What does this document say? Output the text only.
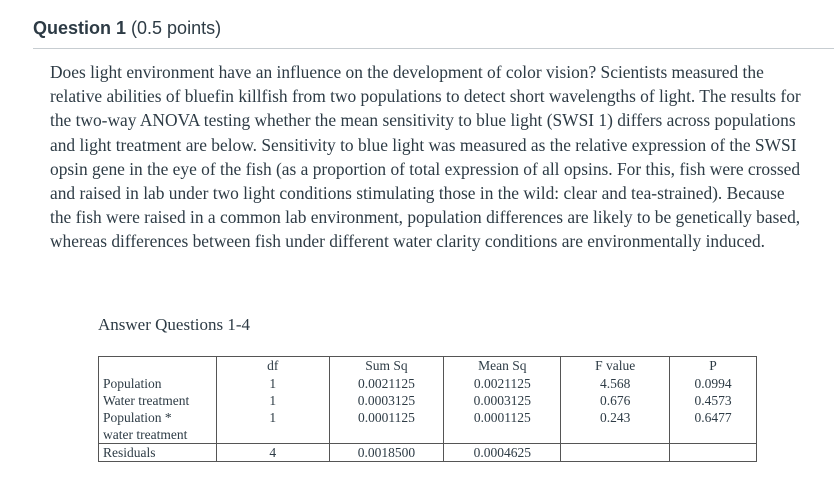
Question 1 (0.5 points)

Does light environment have an influence on the development of color vision? Scientists measured the relative abilities of bluefin killfish from two populations to detect short wavelengths of light. The results for the two-way ANOVA testing whether the mean sensitivity to blue light (SWSI 1) differs across populations and light treatment are below. Sensitivity to blue light was measured as the relative expression of the SWSI opsin gene in the eye of the fish (as a proportion of total expression of all opsins. For this, fish were crossed and raised in lab under two light conditions stimulating those in the wild: clear and tea-strained). Because the fish were raised in a common lab environment, population differences are likely to be genetically based, whereas differences between fish under different water clarity conditions are environmentally induced.

Answer Questions 1-4
	df	Sum Sq	Mean Sq	F value	P
Population	1	0.0021125	0.0021125	4.568	0.0994
Water treatment	1	0.0003125	0.0003125	0.676	0.4573

Population *
water treatment	1	0.0001125	0.0001125	0.243	0.6477
Residuals	4	0.0018500	0.0004625		
